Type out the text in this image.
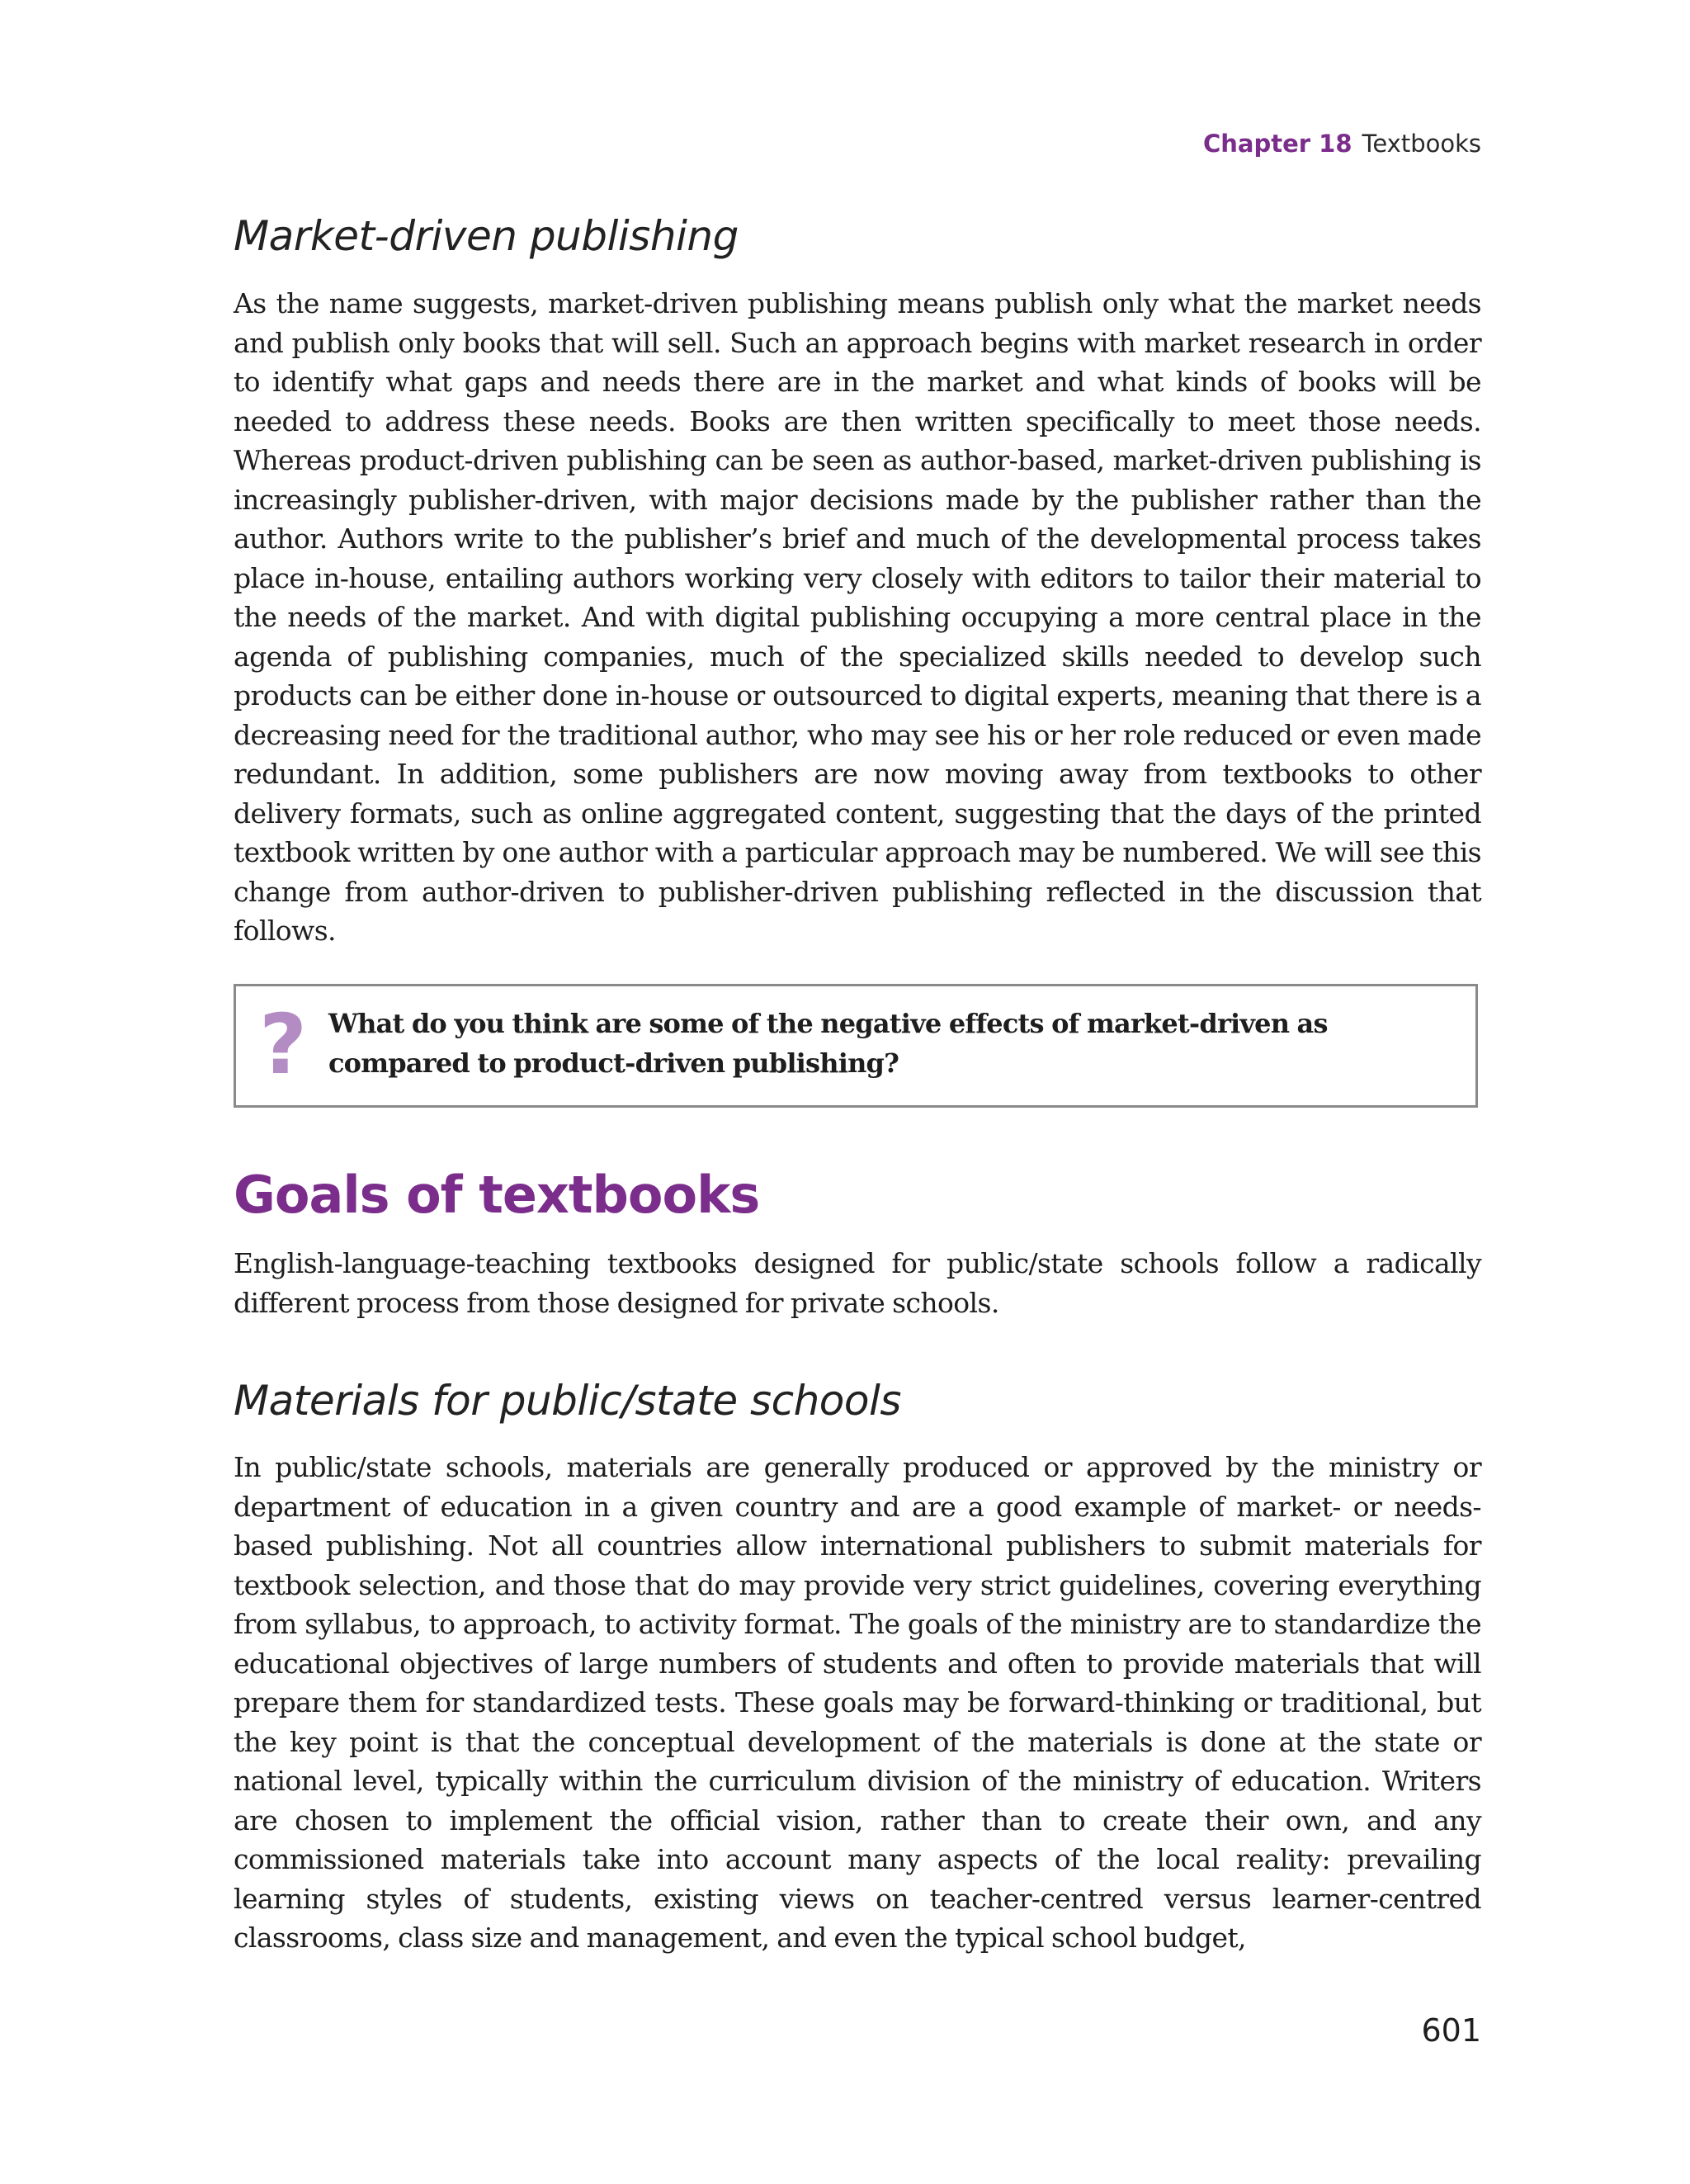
Chapter 18 Textbooks
Market-driven publishing

As the name suggests, market-driven publishing means publish only what the market needs and publish only books that will sell. Such an approach begins with market research in order to identify what gaps and needs there are in the market and what kinds of books will be needed to address these needs. Books are then written specifically to meet those needs. Whereas product-driven publishing can be seen as author-based, market-driven publishing is increasingly publisher-driven, with major decisions made by the publisher rather than the author. Authors write to the publisher’s brief and much of the developmental process takes place in-house, entailing authors working very closely with editors to tailor their material to the needs of the market. And with digital publishing occupying a more central place in the agenda of publishing companies, much of the specialized skills needed to develop such products can be either done in-house or outsourced to digital experts, meaning that there is a decreasing need for the traditional author, who may see his or her role reduced or even made redundant. In addition, some publishers are now moving away from textbooks to other delivery formats, such as online aggregated content, suggesting that the days of the printed textbook written by one author with a particular approach may be numbered. We will see this change from author-driven to publisher-driven publishing reflected in the discussion that follows.

? What do you think are some of the negative effects of market-driven as compared to product-driven publishing?

Goals of textbooks

English-language-teaching textbooks designed for public/state schools follow a radically different process from those designed for private schools.

Materials for public/state schools

In public/state schools, materials are generally produced or approved by the ministry or department of education in a given country and are a good example of market- or needs-based publishing. Not all countries allow international publishers to submit materials for textbook selection, and those that do may provide very strict guidelines, covering everything from syllabus, to approach, to activity format. The goals of the ministry are to standardize the educational objectives of large numbers of students and often to provide materials that will prepare them for standardized tests. These goals may be forward-thinking or traditional, but the key point is that the conceptual development of the materials is done at the state or national level, typically within the curriculum division of the ministry of education. Writers are chosen to implement the official vision, rather than to create their own, and any commissioned materials take into account many aspects of the local reality: prevailing learning styles of students, existing views on teacher-centred versus learner-centred classrooms, class size and management, and even the typical school budget,

601
